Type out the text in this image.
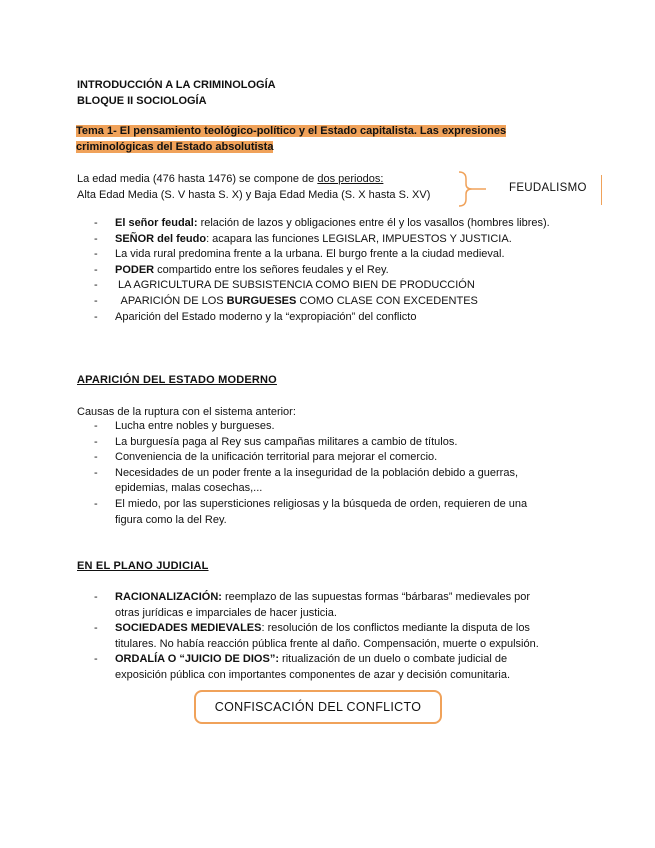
INTRODUCCIÓN A LA CRIMINOLOGÍA
BLOQUE II SOCIOLOGÍA
Tema 1- El pensamiento teológico-político y el Estado capitalista. Las expresiones
criminológicas del Estado absolutista
La edad media (476 hasta 1476) se compone de dos periodos:
Alta Edad Media (S. V hasta S. X) y Baja Edad Media (S. X hasta S. XV)
FEUDALISMO
- El señor feudal: relación de lazos y obligaciones entre él y los vasallos (hombres libres).
- SEÑOR del feudo: acapara las funciones LEGISLAR, IMPUESTOS Y JUSTICIA.
- La vida rural predomina frente a la urbana. El burgo frente a la ciudad medieval.
- PODER compartido entre los señores feudales y el Rey.
- LA AGRICULTURA DE SUBSISTENCIA COMO BIEN DE PRODUCCIÓN
- APARICIÓN DE LOS BURGUESES COMO CLASE CON EXCEDENTES
- Aparición del Estado moderno y la “expropiación” del conflicto
APARICIÓN DEL ESTADO MODERNO
Causas de la ruptura con el sistema anterior:
- Lucha entre nobles y burgueses.
- La burguesía paga al Rey sus campañas militares a cambio de títulos.
- Conveniencia de la unificación territorial para mejorar el comercio.
- Necesidades de un poder frente a la inseguridad de la población debido a guerras, epidemias, malas cosechas,...
- El miedo, por las supersticiones religiosas y la búsqueda de orden, requieren de una figura como la del Rey.
EN EL PLANO JUDICIAL
- RACIONALIZACIÓN: reemplazo de las supuestas formas “bárbaras” medievales por otras jurídicas e imparciales de hacer justicia.
- SOCIEDADES MEDIEVALES: resolución de los conflictos mediante la disputa de los titulares. No había reacción pública frente al daño. Compensación, muerte o expulsión.
- ORDALÍA O “JUICIO DE DIOS”: ritualización de un duelo o combate judicial de exposición pública con importantes componentes de azar y decisión comunitaria.
CONFISCACIÓN DEL CONFLICTO
